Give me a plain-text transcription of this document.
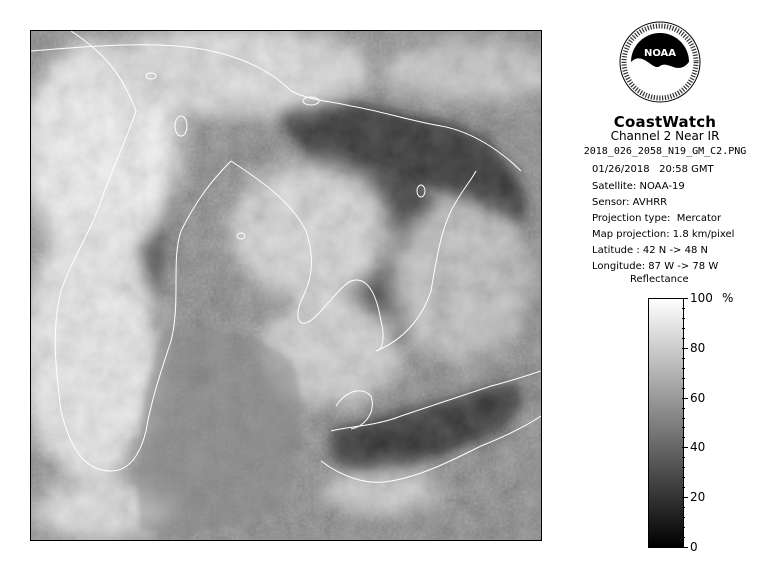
NOAA
CoastWatch
Channel 2 Near IR
2018_026_2058_N19_GM_C2.PNG
01/26/2018   20:58 GMT
Satellite: NOAA-19
Sensor: AVHRR
Projection type:  Mercator
Map projection: 1.8 km/pixel
Latitude : 42 N -> 48 N
Longitude: 87 W -> 78 W
Reflectance
%
100
80
60
40
20
0
